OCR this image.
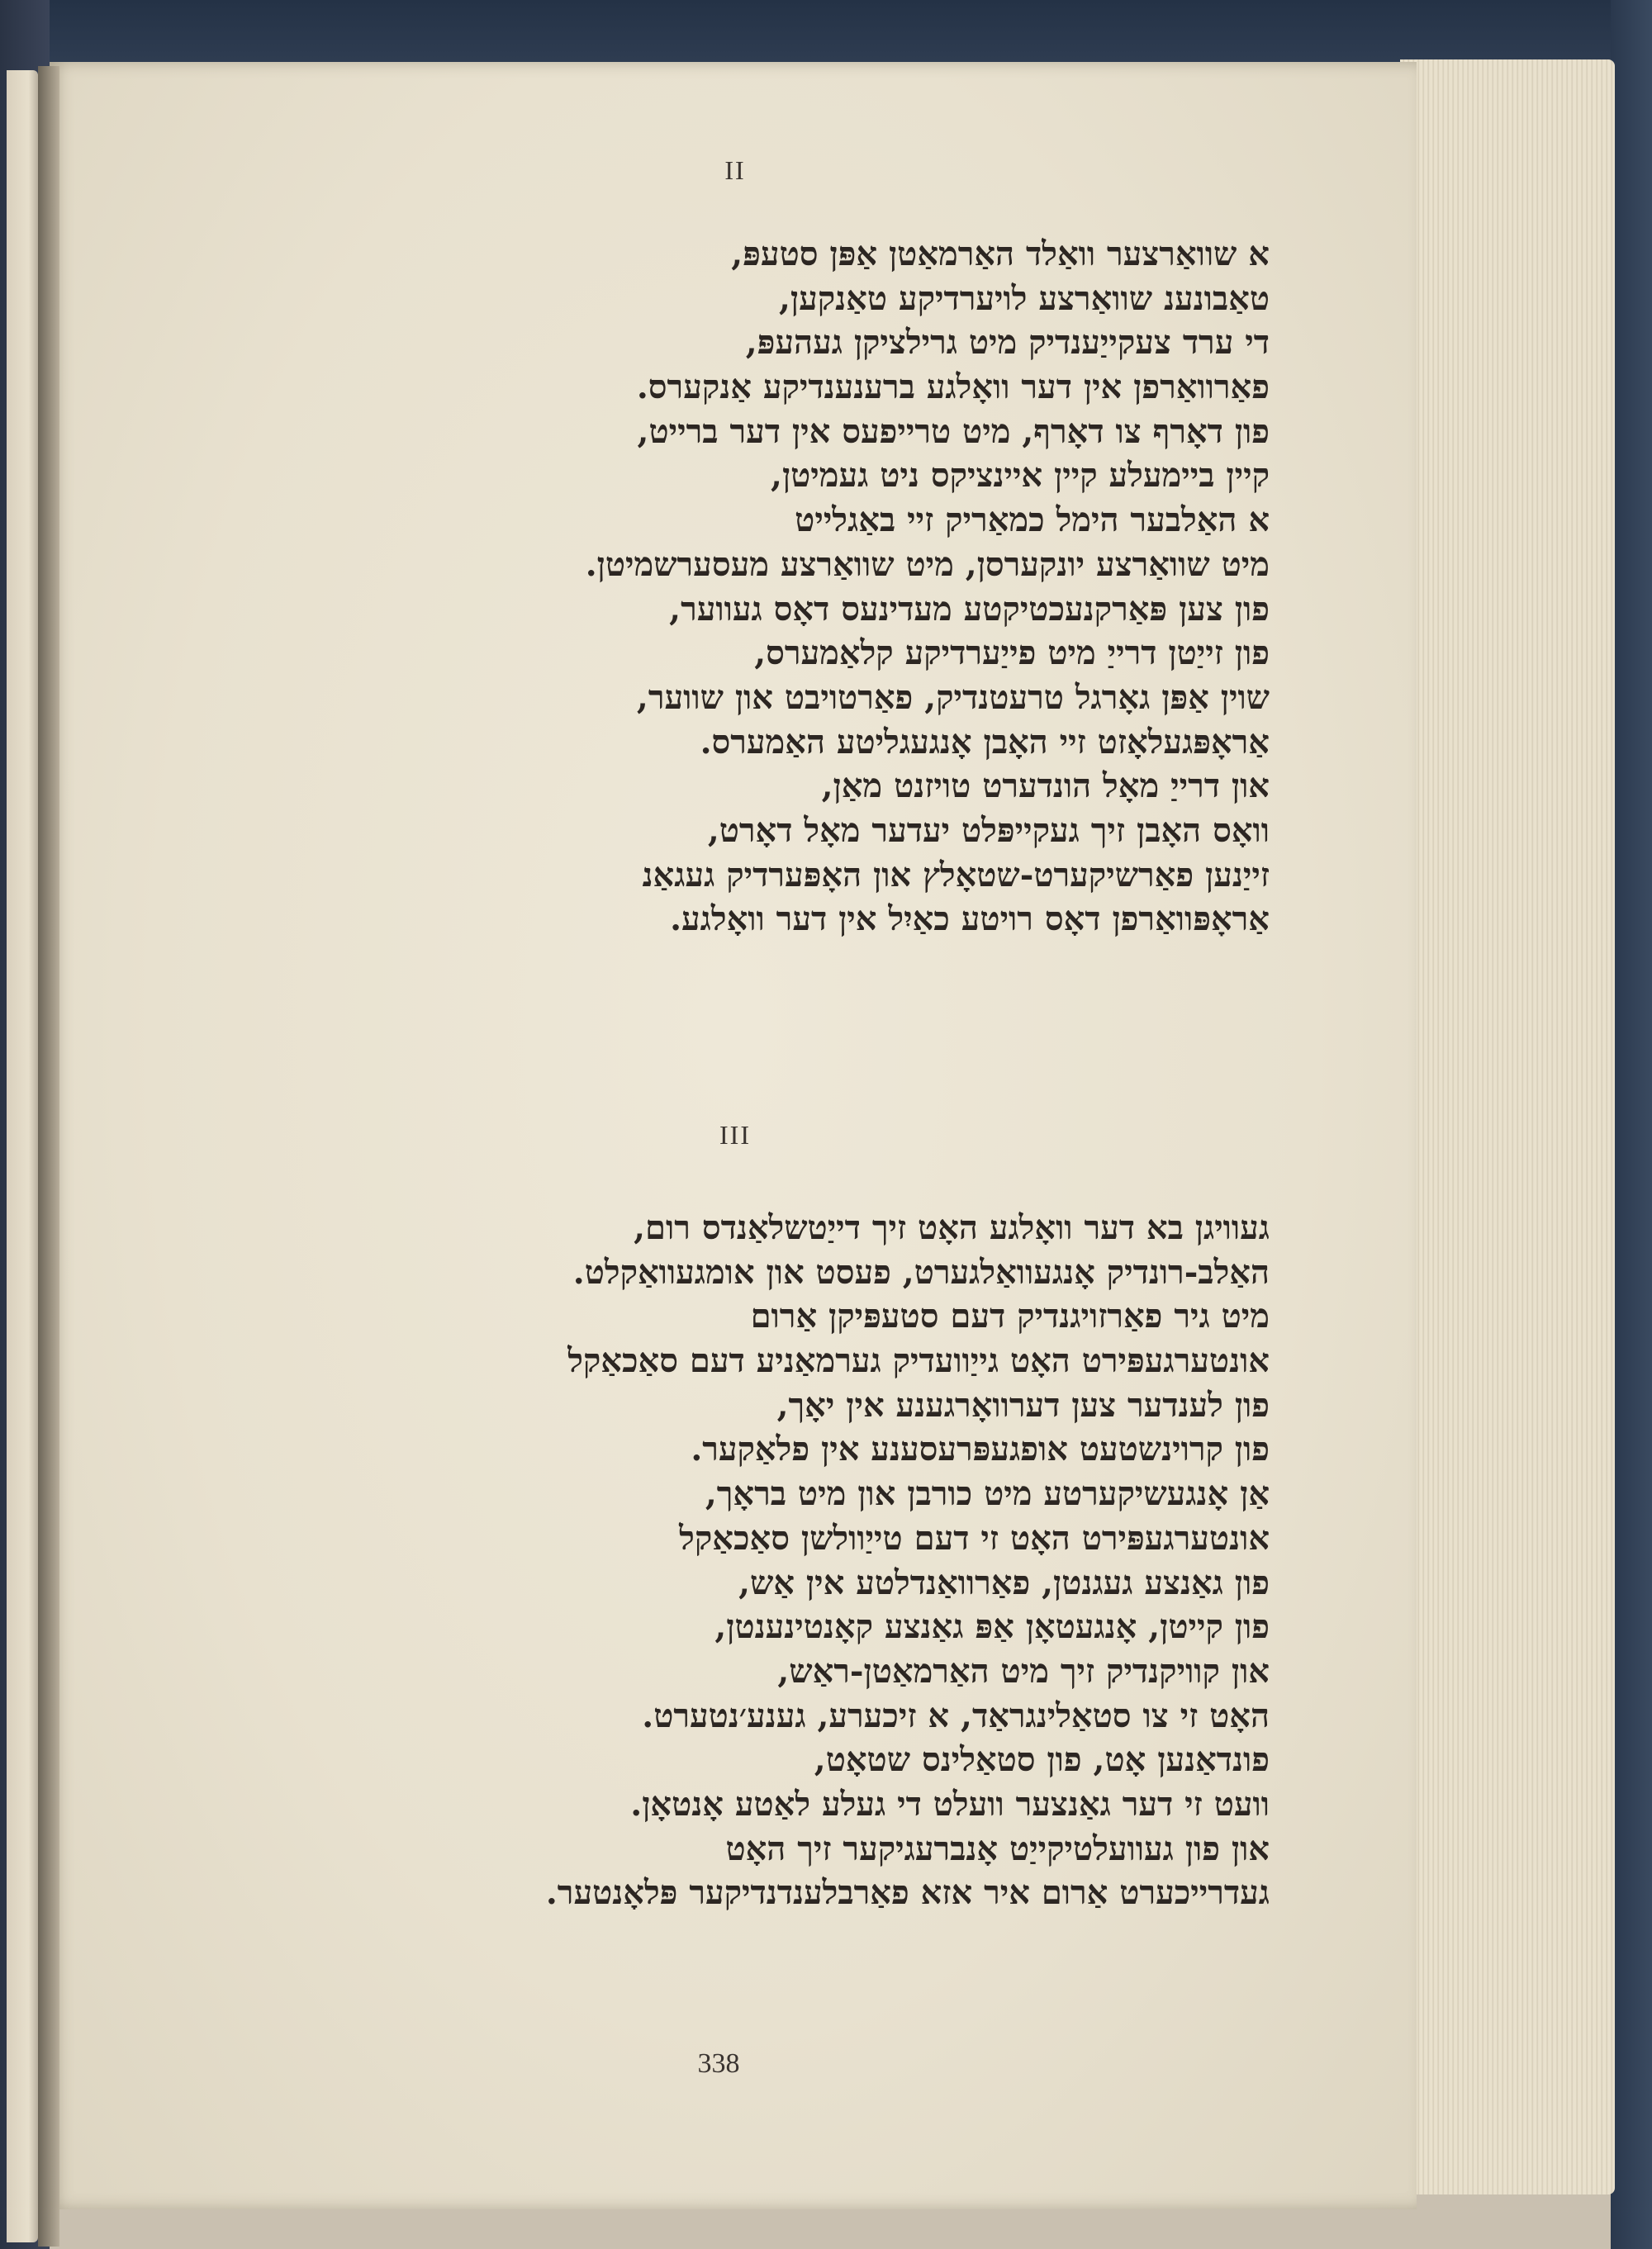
II
א שוואַרצער וואַלד האַרמאַטן אַפּן סטעפּ,
טאַבונענ שוואַרצע לויערדיקע טאַנקען,
די ערד צעקייַענדיק מיט גרילציקן געהעפּ,
פאַרוואַרפן אין דער וואָלגע ברענענדיקע אַנקערס.
פון דאָרף צו דאָרף, מיט טרייפעס אין דער ברייט,
קיין ביימעלע קיין איינציקס ניט געמיטן,
א האַלבער הימל כמאַריק זיי באַגלייט
מיט שוואַרצע יונקערסן, מיט שוואַרצע מעסערשמיטן.
פון צען פּאַרקנעכטיקטע מעדינעס דאָס געווער,
פון זייַטן דרייַ מיט פייַערדיקע קלאַמערס,
שוין אַפּן גאָרגל טרעטנדיק, פאַרטויבט און שווער,
אַראָפּגעלאָזט זיי האָבן אָנגעגליטע האַמערס.
און דרייַ מאָל הונדערט טויזנט מאַן,
וואָס האָבן זיך געקייפּלט יעדער מאָל דאָרט,
זייַנען פאַרשיקערט-שטאָלץ און האָפּערדיק געגאַנ
אַראָפּוואַרפן דאָס רויטע כאַיִל אין דער וואָלגע.
III
געוויגן בא דער וואָלגע האָט זיך דייַטשלאַנדס רום,
האַלב-רונדיק אָנגעוואַלגערט, פעסט און אומגעוואַקלט.
מיט גיר פאַרזויגנדיק דעם סטעפּיקן אַרום
אונטערגעפּירט האָט גייַוועדיק גערמאַניע דעם סאַכאַקל
פון לענדער צען דערוואָרגענע אין יאָך,
פון קרוינשטעט אופגעפּרעסענע אין פלאַקער.
אַן אָנגעשיקערטע מיט כורבן און מיט בראָך,
אונטערגעפּירט האָט זי דעם טייַוולשן סאַכאַקל
פון גאַנצע געגנטן, פאַרוואַנדלטע אין אַש,
פון קייטן, אָנגעטאָן אַפּ גאַנצע קאָנטינענטן,
און קוויקנדיק זיך מיט האַרמאַטן-ראַש,
האָט זי צו סטאַלינגראַד, א זיכערע, גענע׳נטערט.
פונדאַנען אָט, פון סטאַלינס שטאָט,
וועט זי דער גאַנצער וועלט די געלע לאַטע אָנטאָן.
און פון געוועלטיקייַט אָנברעגיקער זיך האָט
געדרייכערט אַרום איר אזא פאַרבלענדנדיקער פּלאָנטער.
338
